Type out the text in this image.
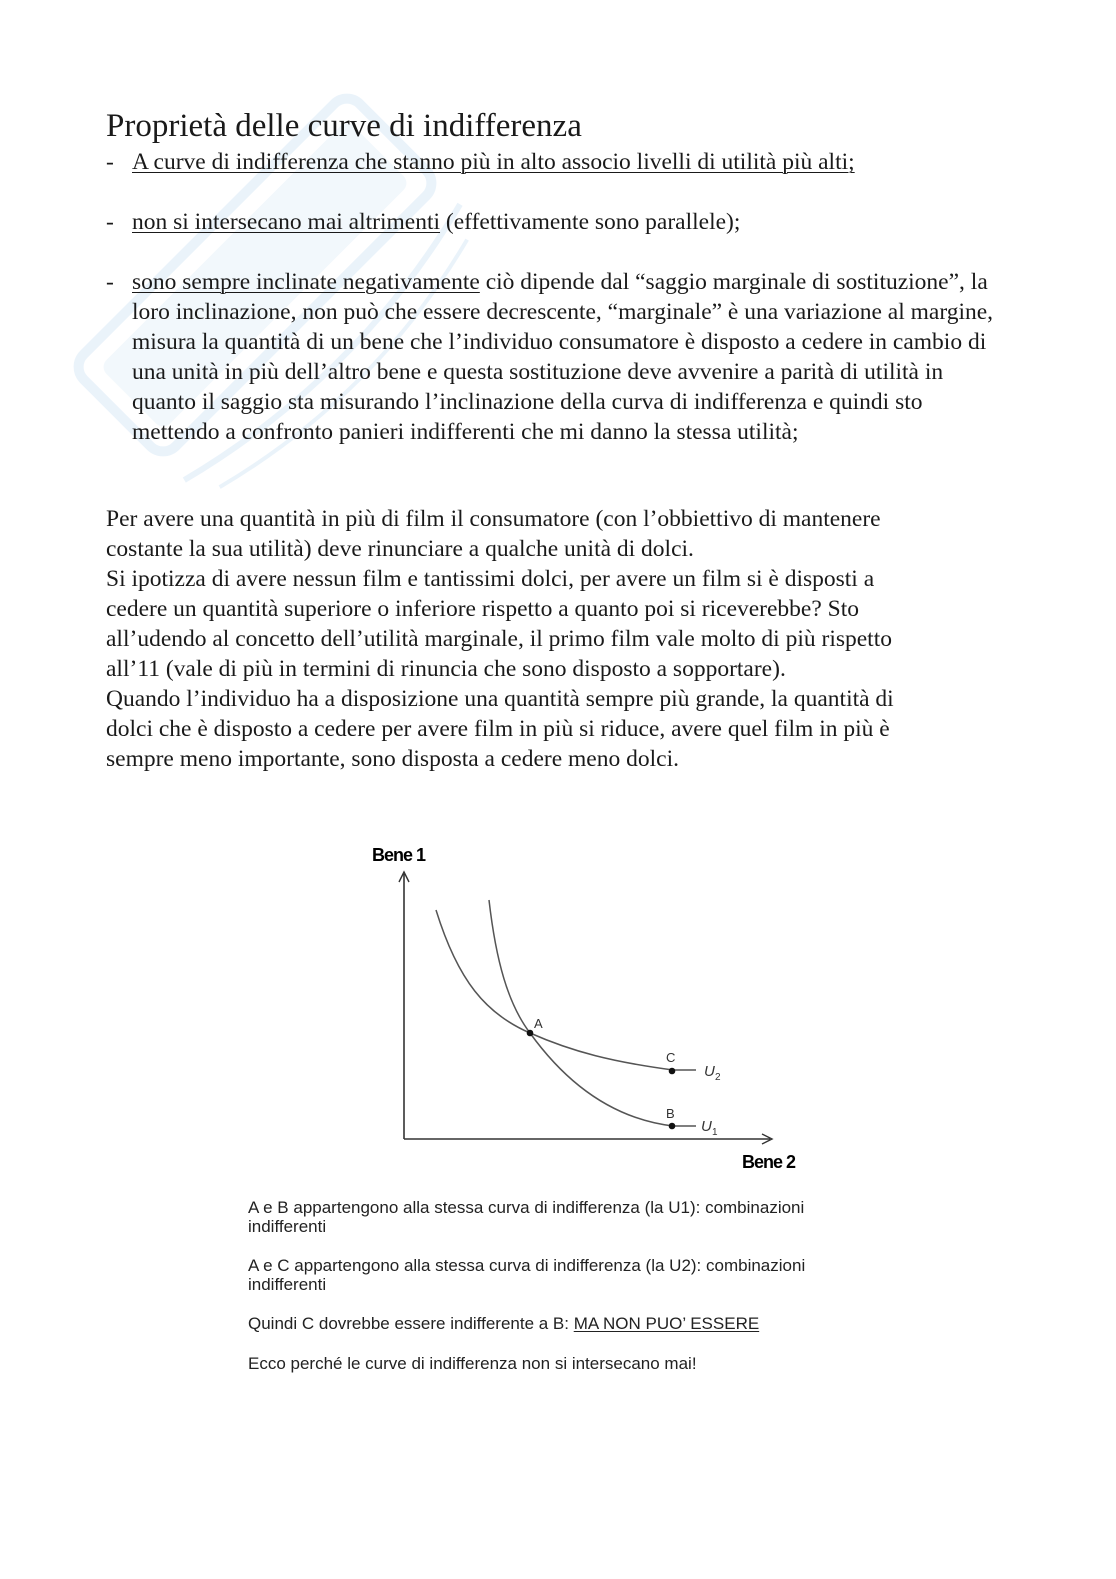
Proprietà delle curve di indifferenza
- A curve di indifferenza che stanno più in alto associo livelli di utilità più alti;
- non si intersecano mai altrimenti (effettivamente sono parallele);
- sono sempre inclinate negativamente ciò dipende dal “saggio marginale di sostituzione”, la loro inclinazione, non può che essere decrescente, “marginale” è una variazione al margine, misura la quantità di un bene che l’individuo consumatore è disposto a cedere in cambio di una unità in più dell’altro bene e questa sostituzione deve avvenire a parità di utilità in quanto il saggio sta misurando l’inclinazione della curva di indifferenza e quindi sto mettendo a confronto panieri indifferenti che mi danno la stessa utilità;
Per avere una quantità in più di film il consumatore (con l’obbiettivo di mantenere
costante la sua utilità) deve rinunciare a qualche unità di dolci.
Si ipotizza di avere nessun film e tantissimi dolci, per avere un film si è disposti a
cedere un quantità superiore o inferiore rispetto a quanto poi si riceverebbe? Sto
all’udendo al concetto dell’utilità marginale, il primo film vale molto di più rispetto
all’11 (vale di più in termini di rinuncia che sono disposto a sopportare).
Quando l’individuo ha a disposizione una quantità sempre più grande, la quantità di
dolci che è disposto a cedere per avere film in più si riduce, avere quel film in più è
sempre meno importante, sono disposta a cedere meno dolci.
Bene 1
Bene 2
A
C
B
U 2
U 1

A e B appartengono alla stessa curva di indifferenza (la U1): combinazioni
indifferenti

A e C appartengono alla stessa curva di indifferenza (la U2): combinazioni
indifferenti

Quindi C dovrebbe essere indifferente a B: MA NON PUO’ ESSERE

Ecco perché le curve di indifferenza non si intersecano mai!
